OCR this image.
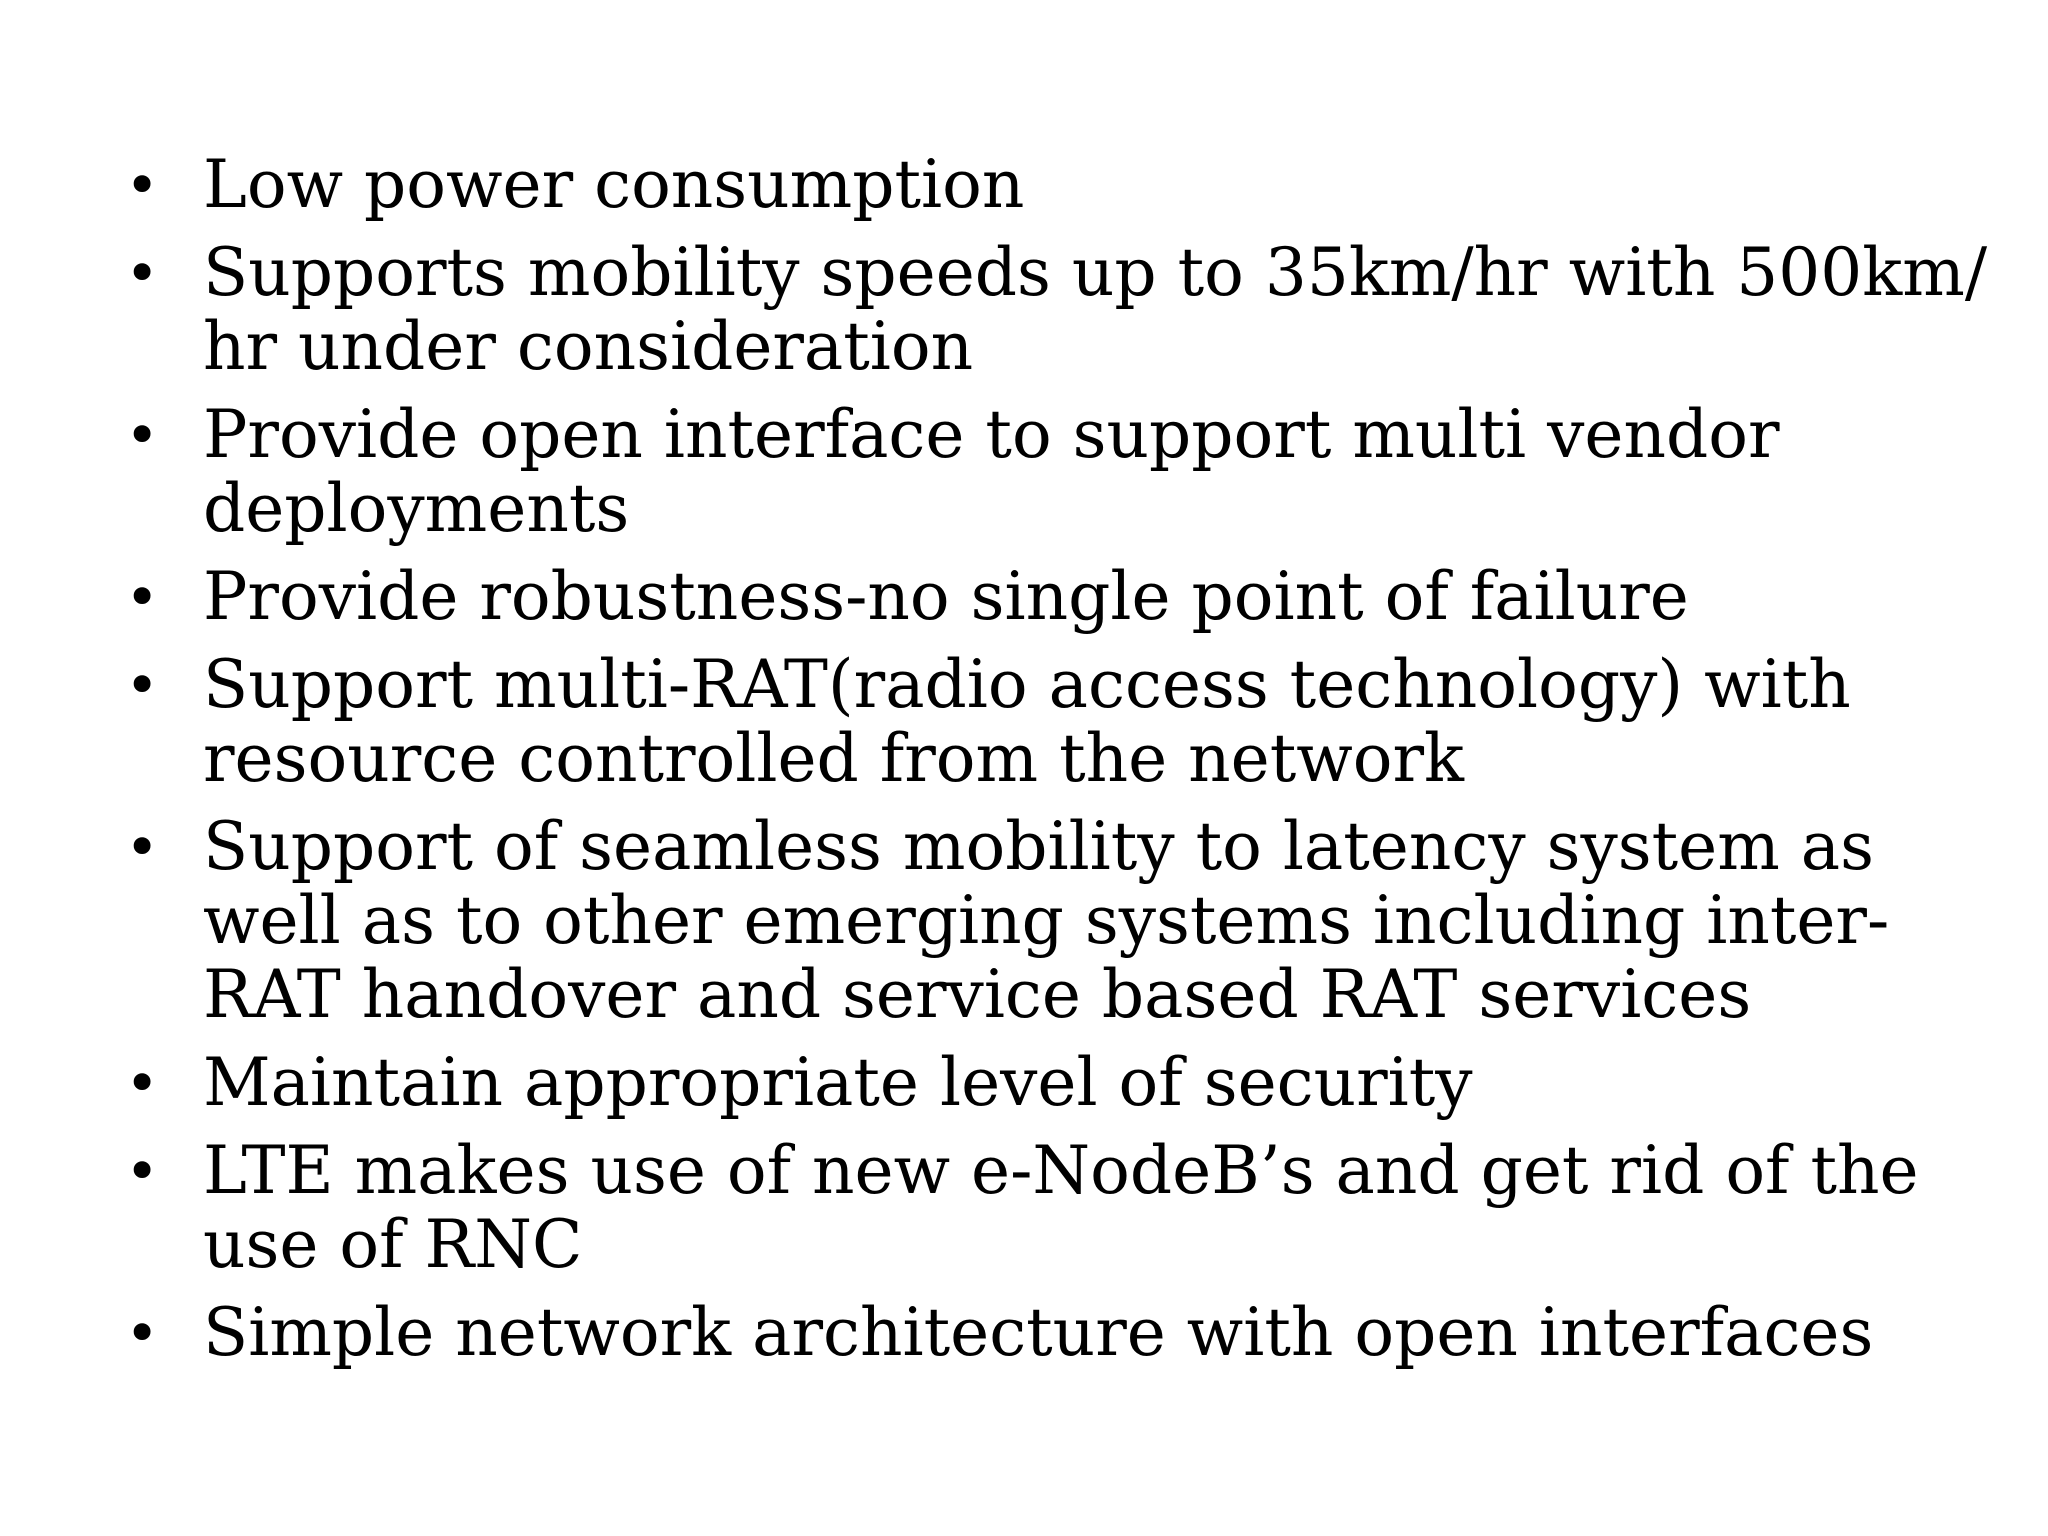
• Low power consumption
• Supports mobility speeds up to 35km/hr with 500km/
hr under consideration
• Provide open interface to support multi vendor
deployments
• Provide robustness-no single point of failure
• Support multi-RAT(radio access technology) with
resource controlled from the network
• Support of seamless mobility to latency system as
well as to other emerging systems including inter-
RAT handover and service based RAT services
• Maintain appropriate level of security
• LTE makes use of new e-NodeB’s and get rid of the
use of RNC
• Simple network architecture with open interfaces
